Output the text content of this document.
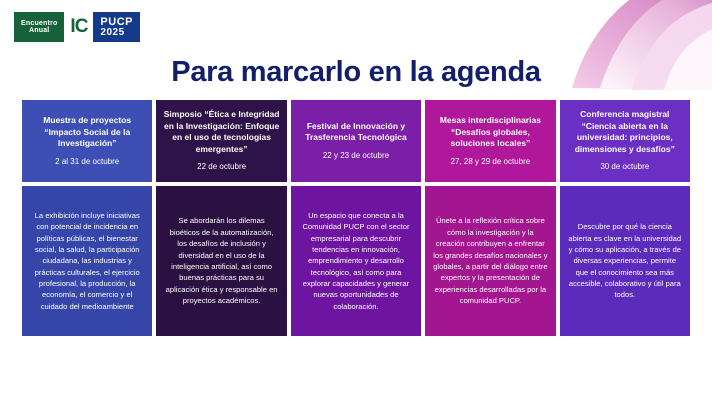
Encuentro
Anual	IC	PUCP
2025
Para marcarlo en la agenda
Muestra de proyectos “Impacto Social de la Investigación”
2 al 31 de octubre
La exhibición incluye iniciativas con potencial de incidencia en políticas públicas, el bienestar social, la salud, la participación ciudadana, las industrias y prácticas culturales, el ejercicio profesional, la producción, la economía, el comercio y el cuidado del medioambiente
Simposio “Ética e Integridad en la Investigación: Enfoque en el uso de tecnologías emergentes”
22 de octubre
Se abordarán los dilemas bioéticos de la automatización, los desafíos de inclusión y diversidad en el uso de la inteligencia artificial, así como buenas prácticas para su aplicación ética y responsable en proyectos académicos.
Festival de Innovación y Trasferencia Tecnológica
22 y 23 de octubre
Un espacio que conecta a la Comunidad PUCP con el sector empresarial para descubrir tendencias en innovación, emprendimiento y desarrollo tecnológico, así como para explorar capacidades y generar nuevas oportunidades de colaboración.
Mesas interdisciplinarias “Desafíos globales, soluciones locales”
27, 28 y 29 de octubre
Únete a la reflexión crítica sobre cómo la investigación y la creación contribuyen a enfrentar los grandes desafíos nacionales y globales, a partir del diálogo entre expertos y la presentación de experiencias desarrolladas por la comunidad PUCP.
Conferencia magistral “Ciencia abierta en la universidad: principios, dimensiones y desafíos”
30 de octubre
Descubre por qué la ciencia abierta es clave en la universidad y cómo su aplicación, a través de diversas experiencias, permite que el conocimiento sea más accesible, colaborativo y útil para todos.
